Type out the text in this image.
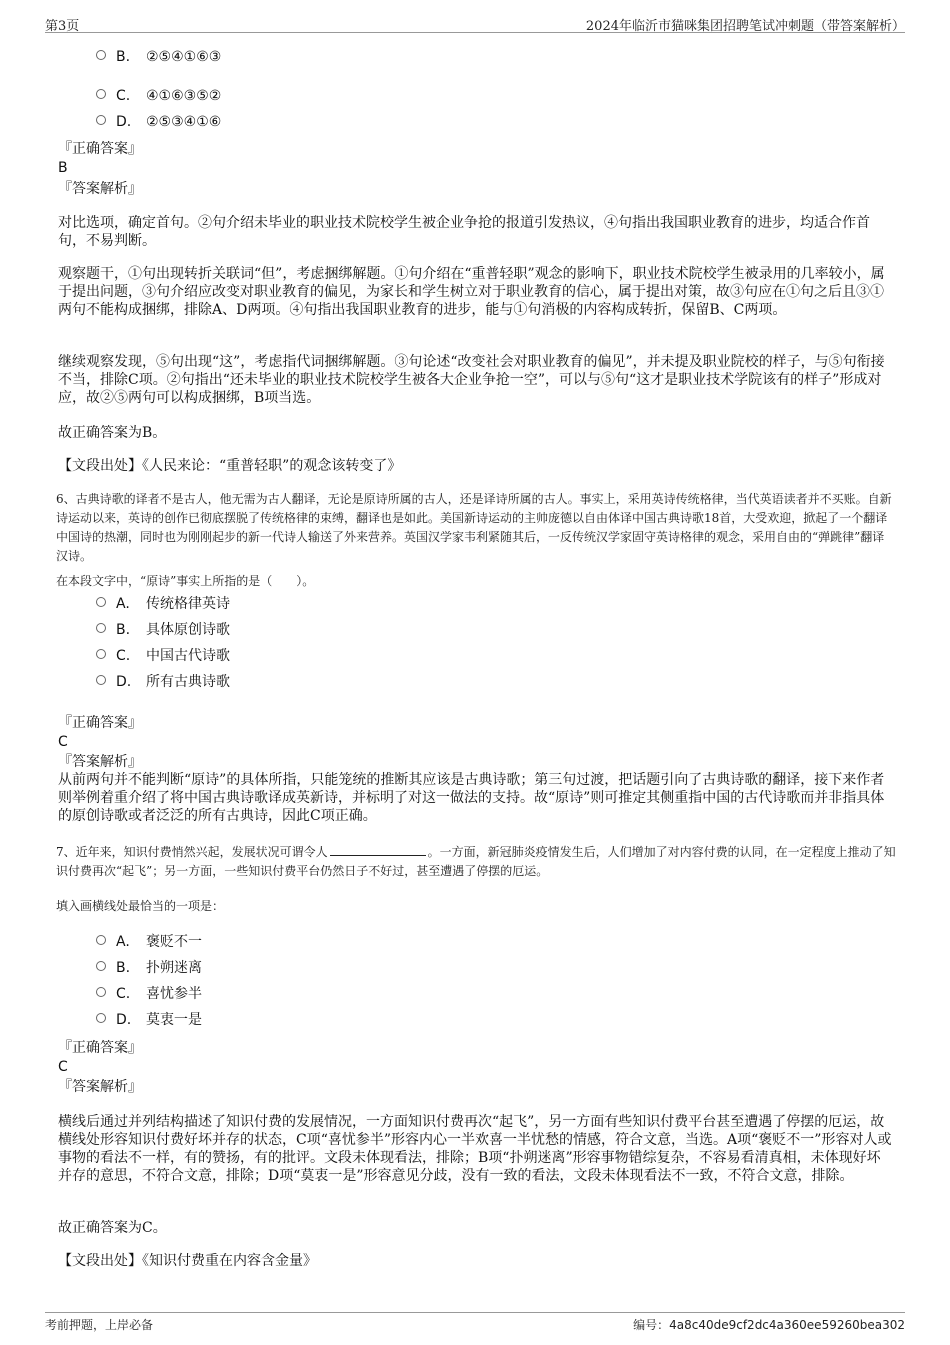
第3页	2024年临沂市猫咪集团招聘笔试冲刺题（带答案解析）
B. ②⑤④①⑥③
C. ④①⑥③⑤②
D. ②⑤③④①⑥
『正确答案』
B
『答案解析』
对比选项，确定首句。②句介绍未毕业的职业技术院校学生被企业争抢的报道引发热议，④句指出我国职业教育的进步，均适合作首句，不易判断。
观察题干，①句出现转折关联词“但”，考虑捆绑解题。①句介绍在“重普轻职”观念的影响下，职业技术院校学生被录用的几率较小，属于提出问题，③句介绍应改变对职业教育的偏见，为家长和学生树立对于职业教育的信心，属于提出对策，故③句应在①句之后且③①两句不能构成捆绑，排除A、D两项。④句指出我国职业教育的进步，能与①句消极的内容构成转折，保留B、C两项。
继续观察发现，⑤句出现“这”，考虑指代词捆绑解题。③句论述“改变社会对职业教育的偏见”，并未提及职业院校的样子，与⑤句衔接不当，排除C项。②句指出“还未毕业的职业技术院校学生被各大企业争抢一空”，可以与⑤句“这才是职业技术学院该有的样子”形成对应，故②⑤两句可以构成捆绑，B项当选。
故正确答案为B。
【文段出处】《人民来论：“重普轻职”的观念该转变了》
6、古典诗歌的译者不是古人，他无需为古人翻译，无论是原诗所属的古人，还是译诗所属的古人。事实上，采用英诗传统格律，当代英语读者并不买账。自新诗运动以来，英诗的创作已彻底摆脱了传统格律的束缚，翻译也是如此。美国新诗运动的主帅庞德以自由体译中国古典诗歌18首，大受欢迎，掀起了一个翻译中国诗的热潮，同时也为刚刚起步的新一代诗人输送了外来营养。英国汉学家韦利紧随其后，一反传统汉学家固守英诗格律的观念，采用自由的“弹跳律”翻译汉诗。
在本段文字中，“原诗”事实上所指的是（　　）。
A. 传统格律英诗
B. 具体原创诗歌
C. 中国古代诗歌
D. 所有古典诗歌
『正确答案』
C
『答案解析』
从前两句并不能判断“原诗”的具体所指，只能笼统的推断其应该是古典诗歌；第三句过渡，把话题引向了古典诗歌的翻译，接下来作者则举例着重介绍了将中国古典诗歌译成英新诗，并标明了对这一做法的支持。故“原诗”则可推定其侧重指中国的古代诗歌而并非指具体的原创诗歌或者泛泛的所有古典诗，因此C项正确。
7、近年来，知识付费悄然兴起，发展状况可谓令人	。一方面，新冠肺炎疫情发生后，人们增加了对内容付费的认同，在一定程度上推动了知识付费再次“起飞”；另一方面，一些知识付费平台仍然日子不好过，甚至遭遇了停摆的厄运。
填入画横线处最恰当的一项是：
A. 褒贬不一
B. 扑朔迷离
C. 喜忧参半
D. 莫衷一是
『正确答案』
C
『答案解析』
横线后通过并列结构描述了知识付费的发展情况，一方面知识付费再次“起飞”，另一方面有些知识付费平台甚至遭遇了停摆的厄运，故横线处形容知识付费好坏并存的状态，C项“喜忧参半”形容内心一半欢喜一半忧愁的情感，符合文意，当选。A项“褒贬不一”形容对人或事物的看法不一样，有的赞扬，有的批评。文段未体现看法，排除；B项“扑朔迷离”形容事物错综复杂，不容易看清真相，未体现好坏并存的意思，不符合文意，排除；D项“莫衷一是”形容意见分歧，没有一致的看法，文段未体现看法不一致，不符合文意，排除。
故正确答案为C。
【文段出处】《知识付费重在内容含金量》
考前押题，上岸必备	编号：4a8c40de9cf2dc4a360ee59260bea302
